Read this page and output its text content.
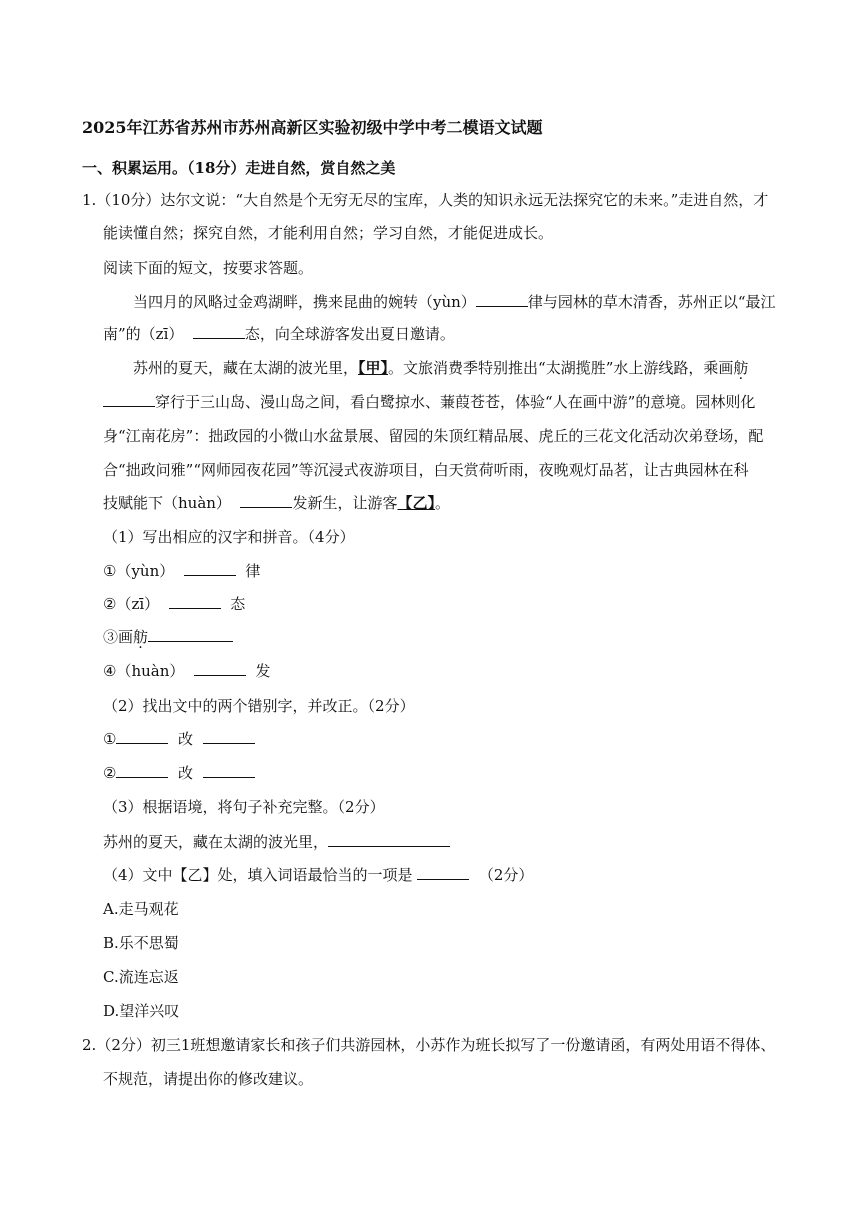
2025年江苏省苏州市苏州高新区实验初级中学中考二模语文试题
一、积累运用。（18分）走进自然，赏自然之美
1.（10分）达尔文说：“大自然是个无穷无尽的宝库，人类的知识永远无法探究它的未来。”走进自然，才
能读懂自然；探究自然，才能利用自然；学习自然，才能促进成长。
阅读下面的短文，按要求答题。
当四月的风略过金鸡湖畔，携来昆曲的婉转（yùn）	律与园林的草木清香，苏州正以“最江
南”的（zī）	态，向全球游客发出夏日邀请。
苏州的夏天，藏在太湖的波光里，【甲】。文旅消费季特别推出“太湖揽胜”水上游线路，乘画舫
穿行于三山岛、漫山岛之间，看白鹭掠水、蒹葭苍苍，体验“人在画中游”的意境。园林则化
身“江南花房”：拙政园的小微山水盆景展、留园的朱顶红精品展、虎丘的三花文化活动次弟登场，配
合“拙政问雅”“网师园夜花园”等沉浸式夜游项目，白天赏荷听雨，夜晚观灯品茗，让古典园林在科
技赋能下（huàn）	发新生，让游客【乙】。
（1）写出相应的汉字和拼音。（4分）
①（yùn）	律
②（zī）	态
③画舫
④（huàn）	发
（2）找出文中的两个错别字，并改正。（2分）
①	改
②	改
（3）根据语境，将句子补充完整。（2分）
苏州的夏天，藏在太湖的波光里，
（4）文中【乙】处，填入词语最恰当的一项是	（2分）
A.走马观花
B.乐不思蜀
C.流连忘返
D.望洋兴叹
2.（2分）初三1班想邀请家长和孩子们共游园林，小苏作为班长拟写了一份邀请函，有两处用语不得体、
不规范，请提出你的修改建议。
